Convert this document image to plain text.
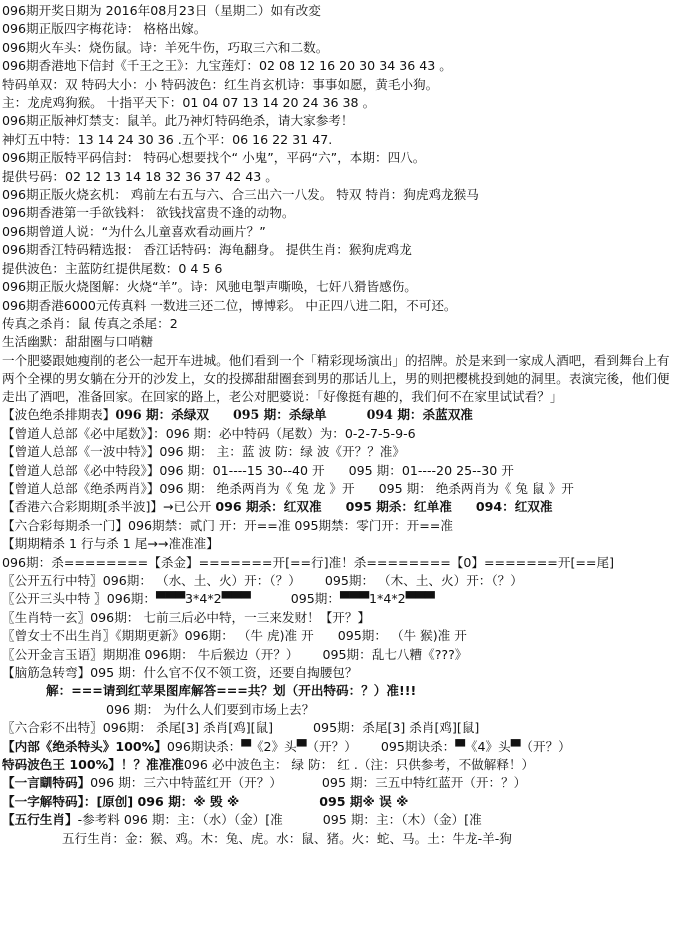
096期开奖日期为 2016年08月23日（星期二）如有改変
096期正版四字梅花诗： 格格出嫁。
096期火车头：烧伤鼠。诗：羊死牛伤，巧取三六和二数。
096期香港地下信封《千王之王》：九宝莲灯：02 08 12 16 20 30 34 36 43 。
特码单双：双 特码大小：小 特码波色：红生肖玄机诗：事事如愿，黄毛小狗。
主：龙虎鸡狗猴。 十指平天下：01 04 07 13 14 20 24 36 38 。
096期正版神灯禁支：鼠羊。此乃神灯特码绝杀，请大家参考！
神灯五中特：13 14 24 30 36 .五个平：06 16 22 31 47.
096期正版特平码信封： 特码心想要找个“ 小鬼”，平码“六”，本期：四八。
提供号码：02 12 13 14 18 32 36 37 42 43 。
096期正版火烧玄机： 鸡前左右五与六、合三出六一八发。 特双 特肖：狗虎鸡龙猴马
096期香港第一手欲钱料： 欲钱找富贵不逢的动物。
096期曾道人说：“为什么儿童喜欢看动画片？”
096期香江特码精选报： 香江话特码：海龟翻身。 提供生肖：猴狗虎鸡龙
提供波色：主蓝防红提供尾数：0 4 5 6
096期正版火烧图解：火烧“羊”。诗：风驰电掣声嘶唤，七奸八猾皆感伤。
096期香港6000元传真料 一数进三还二位，博博彩。 中正四八进二阳，不可还。
传真之杀肖：鼠 传真之杀尾：2
生活幽默：甜甜圈与口哨糖
一个肥婆跟她瘦削的老公一起开车进城。他们看到一个「精彩现场演出」的招牌。於是来到一家成人酒吧，看到舞台上有两个全裸的男女躺在分开的沙发上，女的投掷甜甜圈套到男的那话儿上，男的则把樱桃投到她的洞里。表演完後，他们便走出了酒吧，准备回家。在回家的路上，老公对肥婆说：「好像挺有趣的，我们何不在家里试试看？」
【波色绝杀排期表】096 期：杀绿双 095 期：杀绿单	094 期：杀蓝双准
【曾道人总部《必中尾数》】：096 期：必中特码（尾数）为：0-2-7-5-9-6
【曾道人总部《一波中特》】096 期： 主：蓝 波 防：绿 波《开？？准》
【曾道人总部《必中特段》】096 期：01----15 30--40 开 095 期：01----20 25--30 开
【曾道人总部《绝杀两肖》】096 期： 绝杀两肖为《 兔 龙 》开 095 期： 绝杀两肖为《 兔 鼠 》开
【香港六合彩期期[杀半波]】→已公开 096 期杀：红双准 095 期杀：红单准 094：红双准
【六合彩每期杀一门】096期禁：贰门 开：开==准 095期禁：零门开：开==准
【期期精杀 1 行与杀 1 尾→→准准准】
096期：杀========【杀金】=======开[==行]准！杀========【0】=======开[==尾]
〖公开五行中特〗096期： （水、土、火）开：（？） 095期： （木、土、火）开：（？）
〖公开三头中特 〗096期：▀▀▀3*4*2▀▀▀	095期：▀▀▀1*4*2▀▀▀
〖生肖特一玄〗096期： 七前三后必中特，一三来发财！【开？】
〖曾女士不出生肖〗《期期更新》096期： （牛 虎)准 开 095期： （牛 猴)准 开
〖公开金言玉语〗期期准 096期： 牛后猴边（开？） 095期：乱七八糟《???》
【脑筋急转弯】095 期：什么官不仅不领工资，还要自掏腰包？
解：===请到红苹果图库解答===共？划（开出特码：？）准!!!
096 期： 为什么人们要到市场上去？
〖六合彩不出特〗096期： 杀尾[3] 杀肖[鸡][鼠]	095期：杀尾[3] 杀肖[鸡][鼠]
【内部《绝杀特头》100%】096期诀杀：▀《2》头▀（开？） 095期诀杀：▀《4》头▀（开？）
特码波色王 100%】！？准准准096 必中波色主： 绿 防： 红 .（注：只供参考，不做解释！）
【一言瞓特码】096 期：三六中特蓝红开（开？）	095 期：三五中特红蓝开（开：？）
【一字解特码】：[原创] 096 期：※ 毁 ※	095 期※ 误 ※
【五行生肖】-参考料 096 期：主：（水）（金）[准	095 期：主：（木）（金）[准
五行生肖：金：猴、鸡。木：兔、虎。水：鼠、猪。火：蛇、马。土：牛龙-羊-狗
